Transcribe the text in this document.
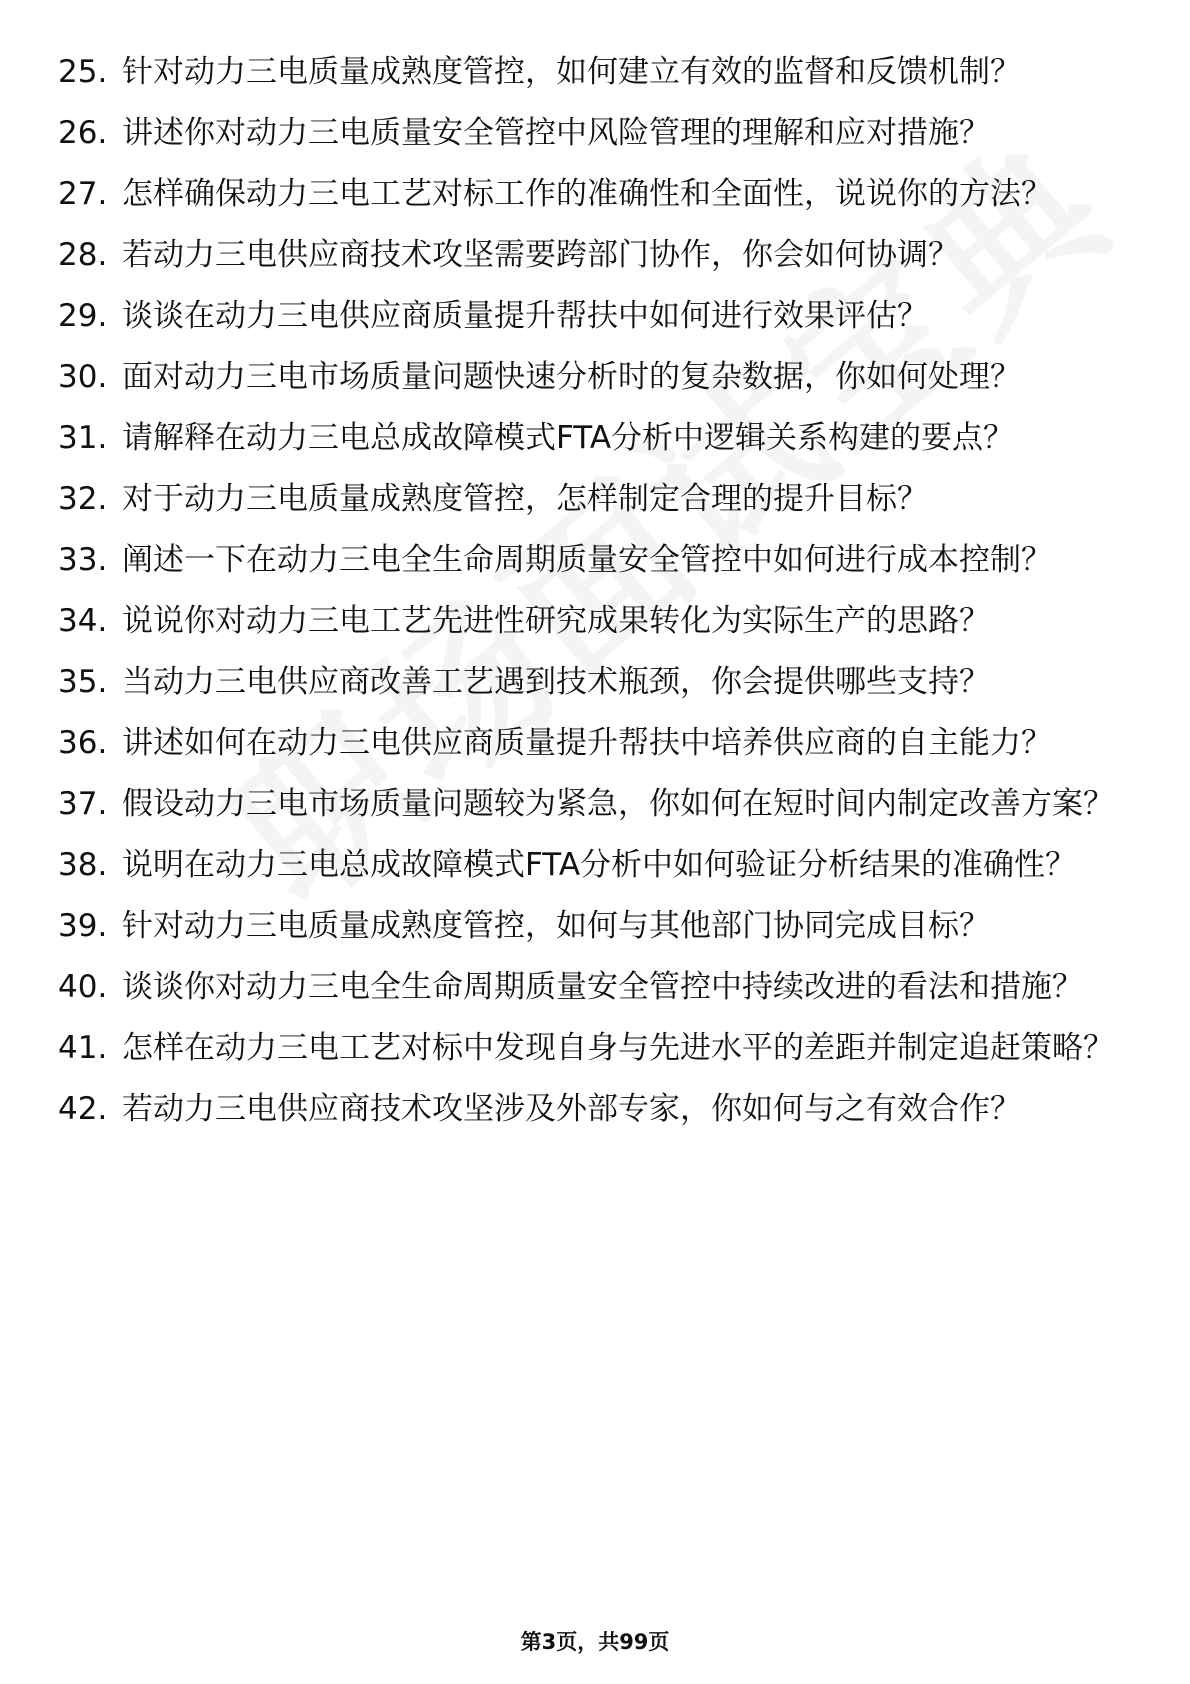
25. 针对动力三电质量成熟度管控，如何建立有效的监督和反馈机制？
26. 讲述你对动力三电质量安全管控中风险管理的理解和应对措施？
27. 怎样确保动力三电工艺对标工作的准确性和全面性，说说你的方法？
28. 若动力三电供应商技术攻坚需要跨部门协作，你会如何协调？
29. 谈谈在动力三电供应商质量提升帮扶中如何进行效果评估？
30. 面对动力三电市场质量问题快速分析时的复杂数据，你如何处理？
31. 请解释在动力三电总成故障模式FTA分析中逻辑关系构建的要点？
32. 对于动力三电质量成熟度管控，怎样制定合理的提升目标？
33. 阐述一下在动力三电全生命周期质量安全管控中如何进行成本控制？
34. 说说你对动力三电工艺先进性研究成果转化为实际生产的思路？
35. 当动力三电供应商改善工艺遇到技术瓶颈，你会提供哪些支持？
36. 讲述如何在动力三电供应商质量提升帮扶中培养供应商的自主能力？
37. 假设动力三电市场质量问题较为紧急，你如何在短时间内制定改善方案？
38. 说明在动力三电总成故障模式FTA分析中如何验证分析结果的准确性？
39. 针对动力三电质量成熟度管控，如何与其他部门协同完成目标？
40. 谈谈你对动力三电全生命周期质量安全管控中持续改进的看法和措施？
41. 怎样在动力三电工艺对标中发现自身与先进水平的差距并制定追赶策略？
42. 若动力三电供应商技术攻坚涉及外部专家，你如何与之有效合作？
第3页，共99页
